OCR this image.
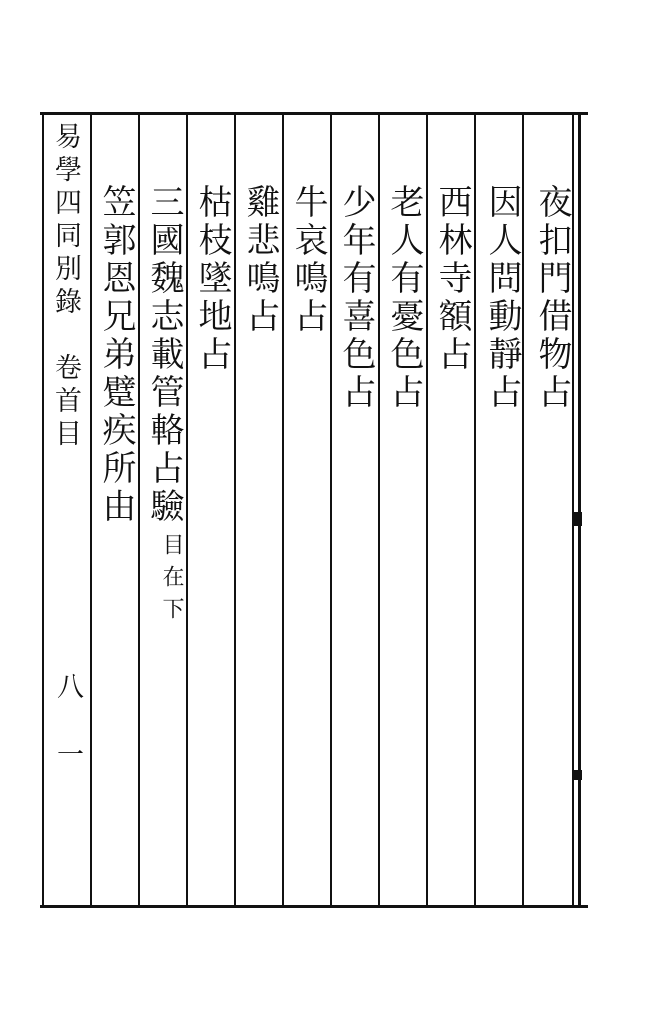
易學四同別錄　卷首目
八
一
夜扣門借物占
因人問動靜占
西林寺額占
老人有憂色占
少年有喜色占
牛哀鳴占
雞悲鳴占
枯枝墜地占
三國魏志載管輅占驗
目在下
笠郭恩兄弟躄疾所由
